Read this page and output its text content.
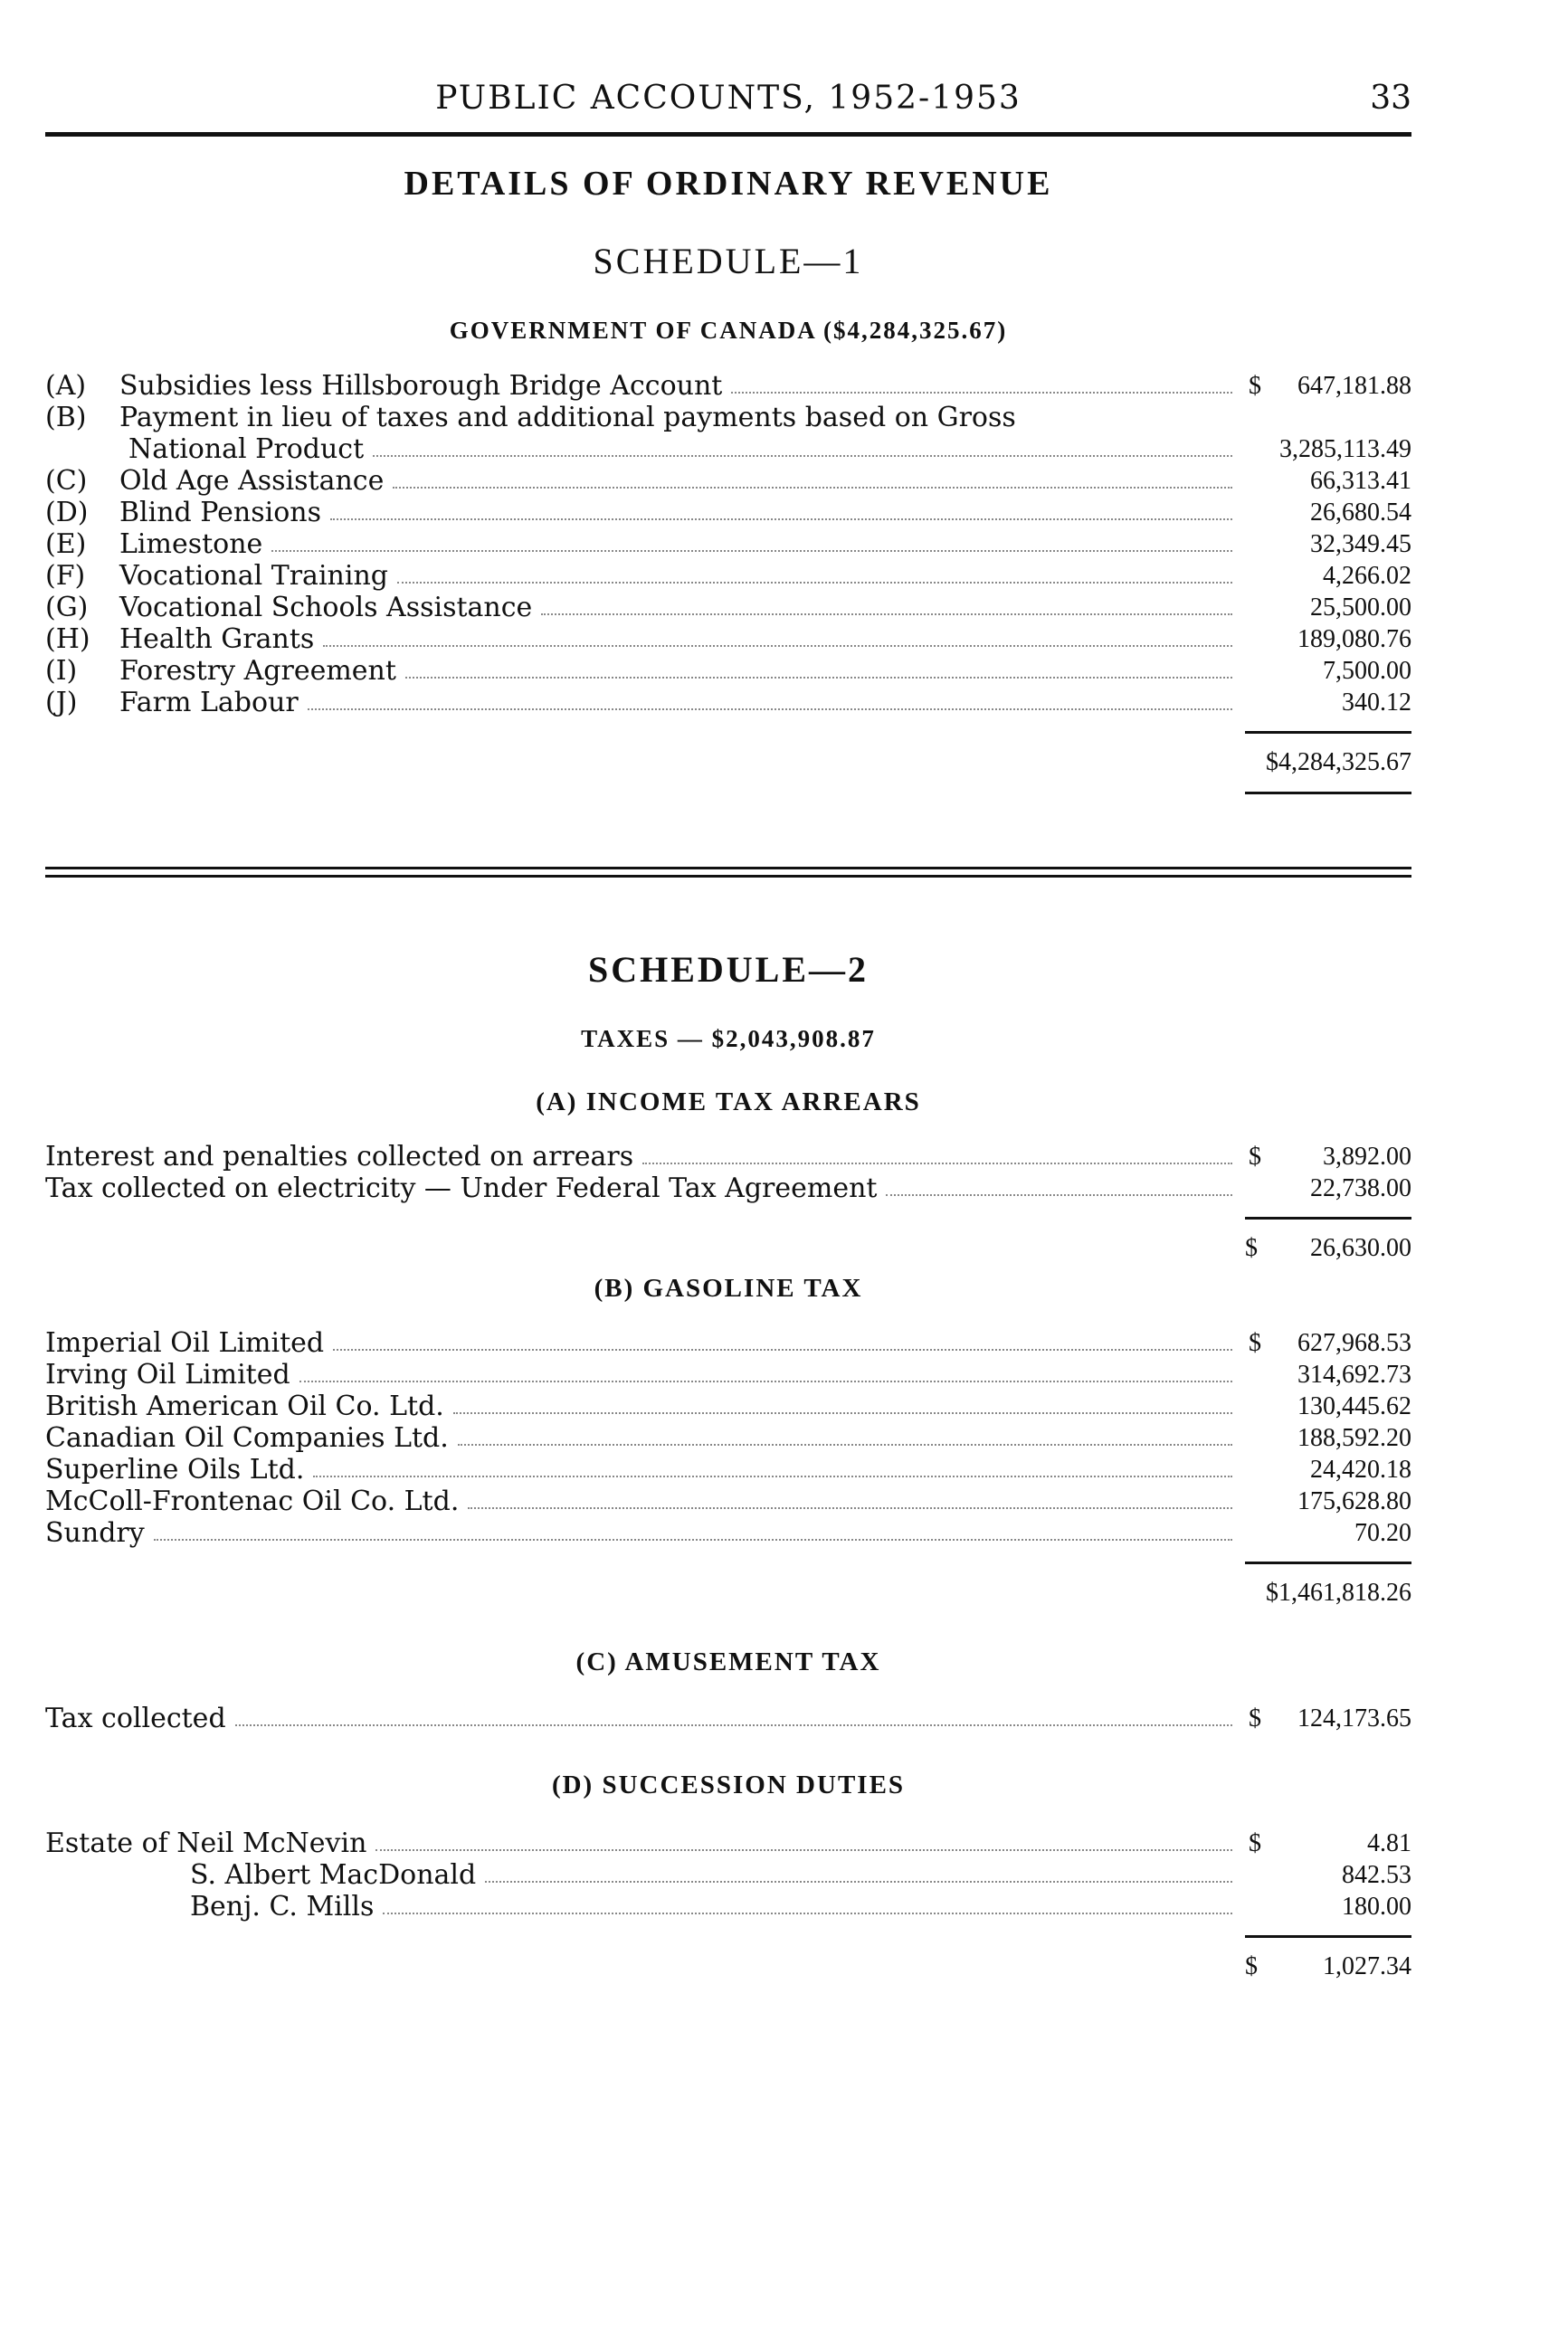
PUBLIC ACCOUNTS, 1952-1953	33
DETAILS OF ORDINARY REVENUE
SCHEDULE—1
GOVERNMENT OF CANADA ($4,284,325.67)
(A)	Subsidies less Hillsborough Bridge Account	$	647,181.88
(B)	Payment in lieu of taxes and additional payments based on Gross
National Product	3,285,113.49
(C)	Old Age Assistance	66,313.41
(D)	Blind Pensions	26,680.54
(E)	Limestone	32,349.45
(F)	Vocational Training	4,266.02
(G)	Vocational Schools Assistance	25,500.00
(H)	Health Grants	189,080.76
(I)	Forestry Agreement	7,500.00
(J)	Farm Labour	340.12
$4,284,325.67
SCHEDULE—2
TAXES — $2,043,908.87
(A) INCOME TAX ARREARS
Interest and penalties collected on arrears	$	3,892.00
Tax collected on electricity — Under Federal Tax Agreement	22,738.00
$	26,630.00
(B) GASOLINE TAX
Imperial Oil Limited	$	627,968.53
Irving Oil Limited	314,692.73
British American Oil Co. Ltd.	130,445.62
Canadian Oil Companies Ltd.	188,592.20
Superline Oils Ltd.	24,420.18
McColl-Frontenac Oil Co. Ltd.	175,628.80
Sundry	70.20
$1,461,818.26
(C) AMUSEMENT TAX
Tax collected	$	124,173.65
(D) SUCCESSION DUTIES
Estate of Neil McNevin	$	4.81
S. Albert MacDonald	842.53
Benj. C. Mills	180.00
$	1,027.34
